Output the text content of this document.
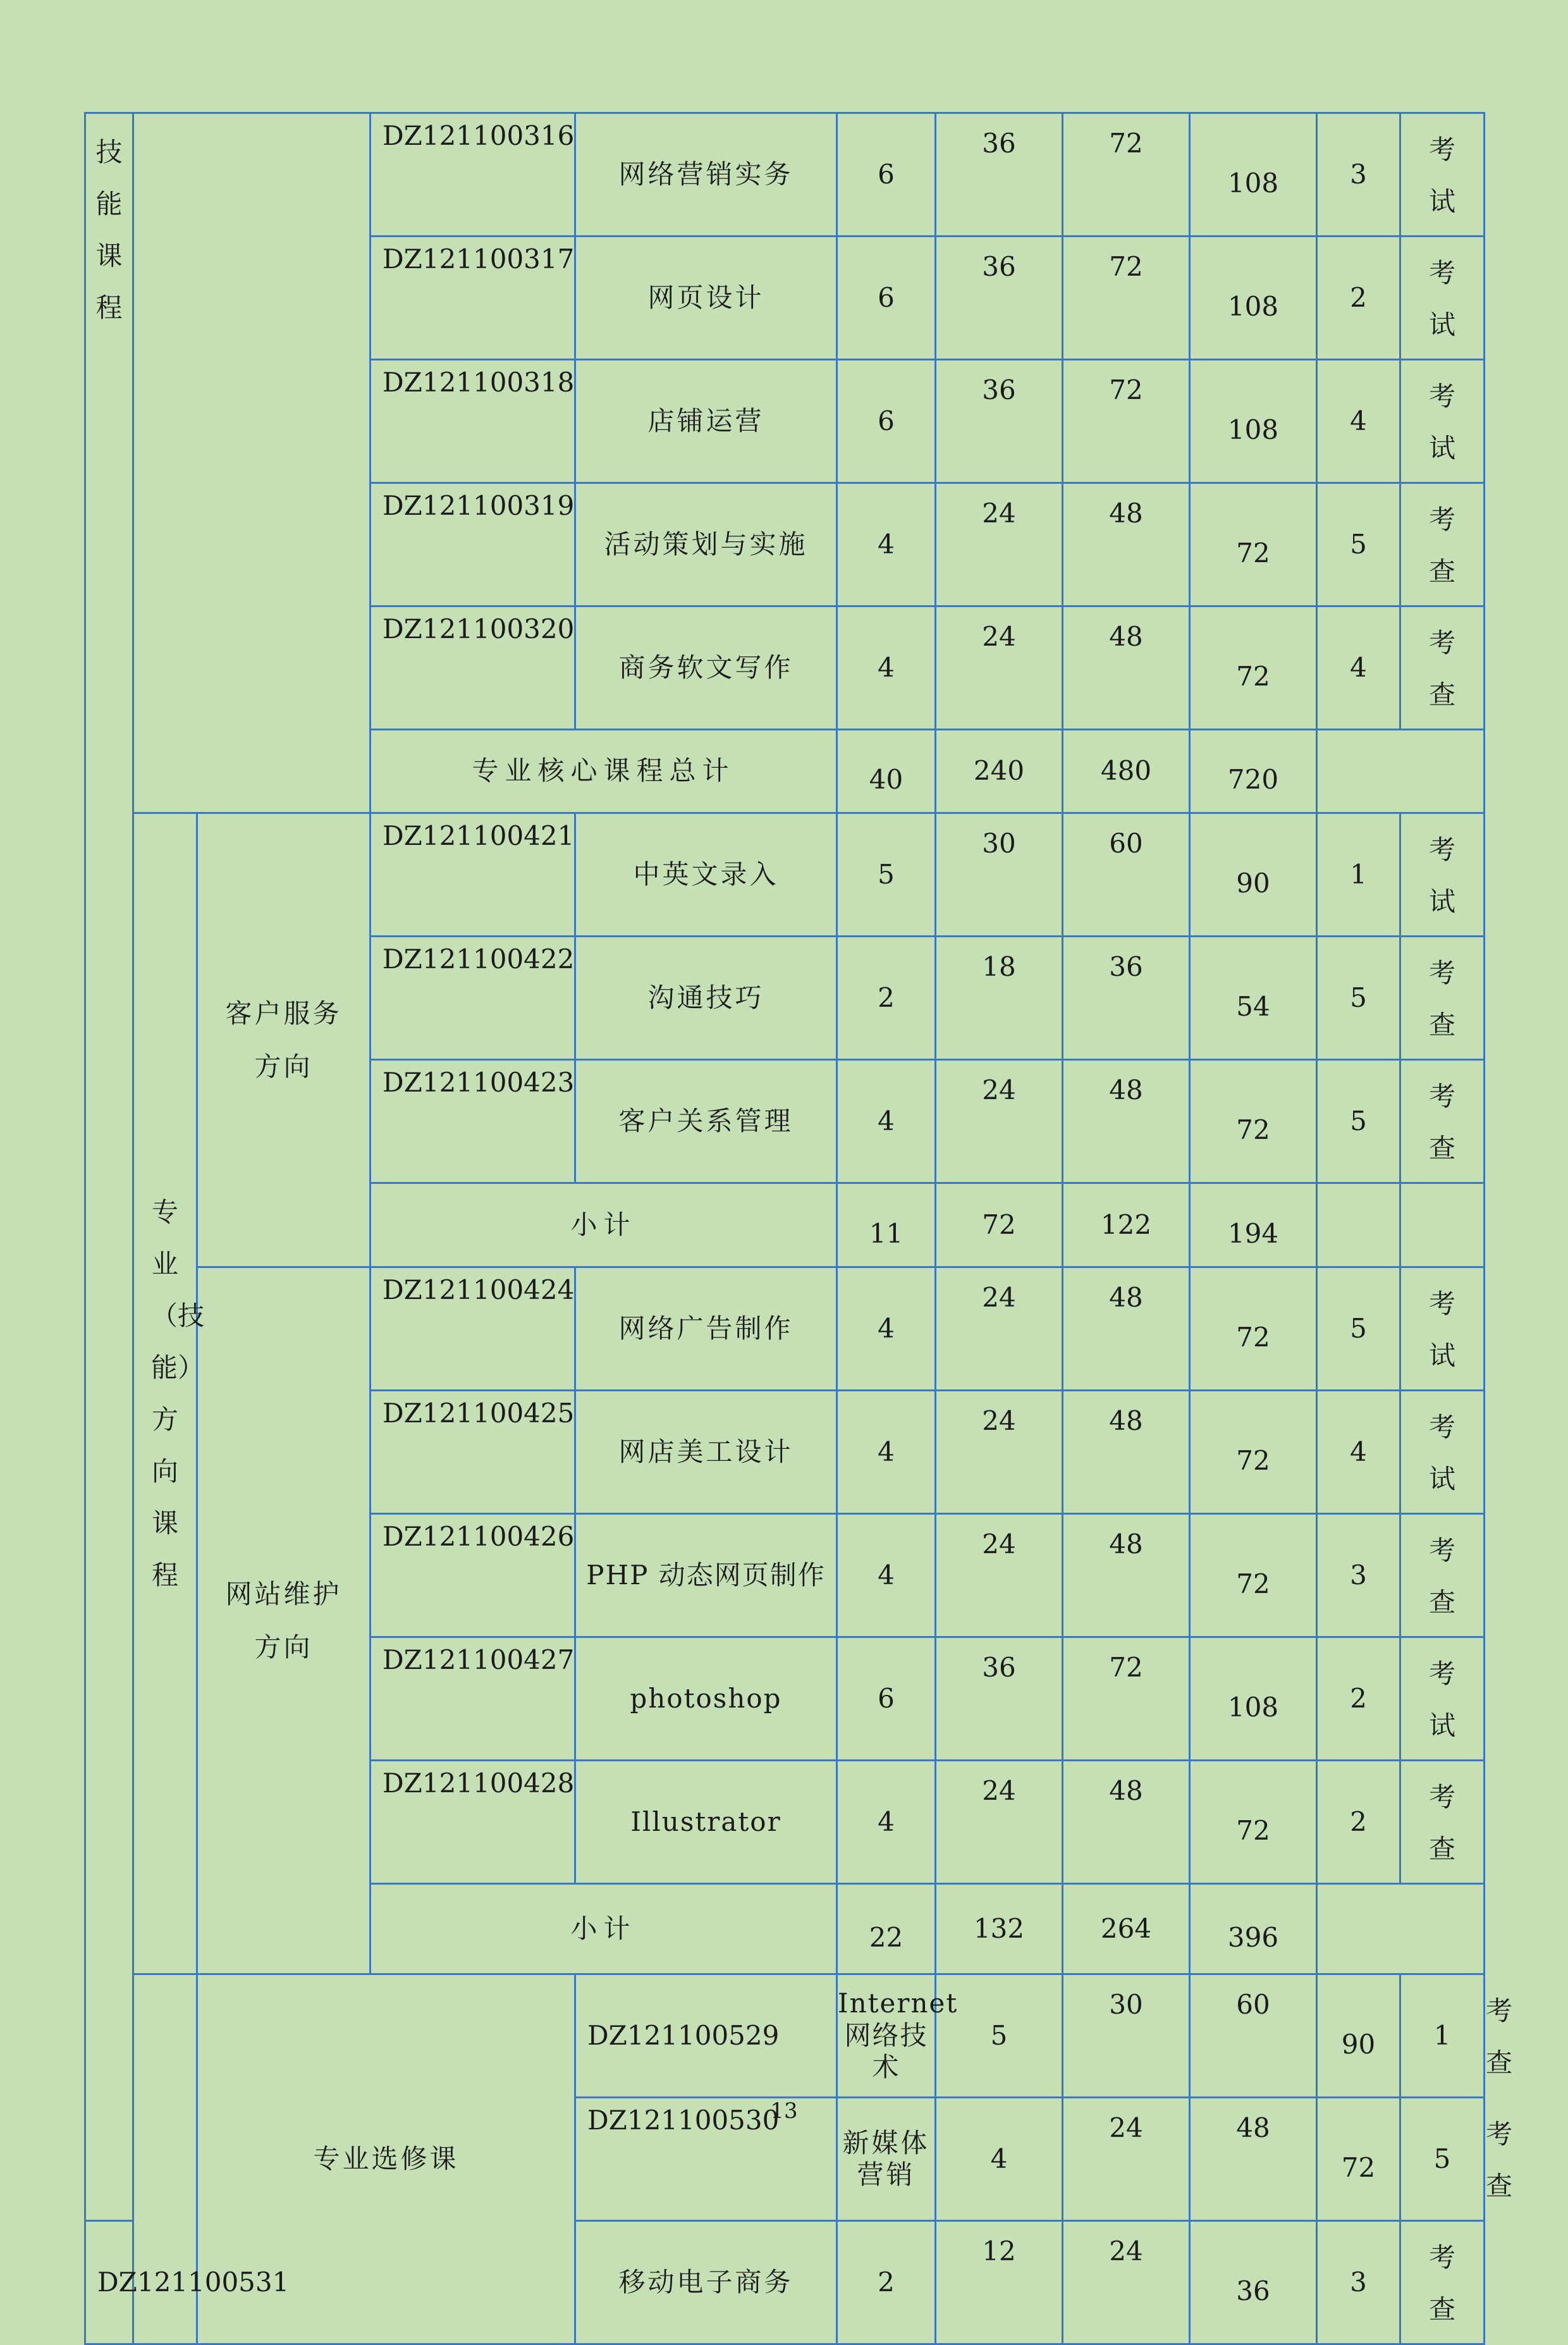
技能课程			DZ121100316	网络营销实务	6	36	72	108	3	考试	
			DZ121100317	网页设计	6	36	72	108	2	考试	
			DZ121100318	店铺运营	6	36	72	108	4	考试	
			DZ121100319	活动策划与实施	4	24	48	72	5	考查	
			DZ121100320	商务软文写作	4	24	48	72	4	考查	
			专业核心课程总计		40	240	480	720			
	专业（技能）方向课程	客户服务方向	DZ121100421	中英文录入	5	30	60	90	1	考试	
			DZ121100422	沟通技巧	2	18	36	54	5	考查	
			DZ121100423	客户关系管理	4	24	48	72	5	考查	
			小计		11	72	122	194			
		网站维护方向	DZ121100424	网络广告制作	4	24	48	72	5	考试	
			DZ121100425	网店美工设计	4	24	48	72	4	考试	
			DZ121100426	PHP 动态网页制作	4	24	48	72	3	考查	
			DZ121100427	photoshop	6	36	72	108	2	考试	
			DZ121100428	Illustrator	4	24	48	72	2	考查	
			小计		22	132	264	396			
		专业选修课		DZ121100529	Internet 网络技术	5	30	60	90	1	考查
				DZ121100530	新媒体营销	4	24	48	72	5	考查
DZ121100531				移动电子商务	2	12	24	36	3	考查	
13
